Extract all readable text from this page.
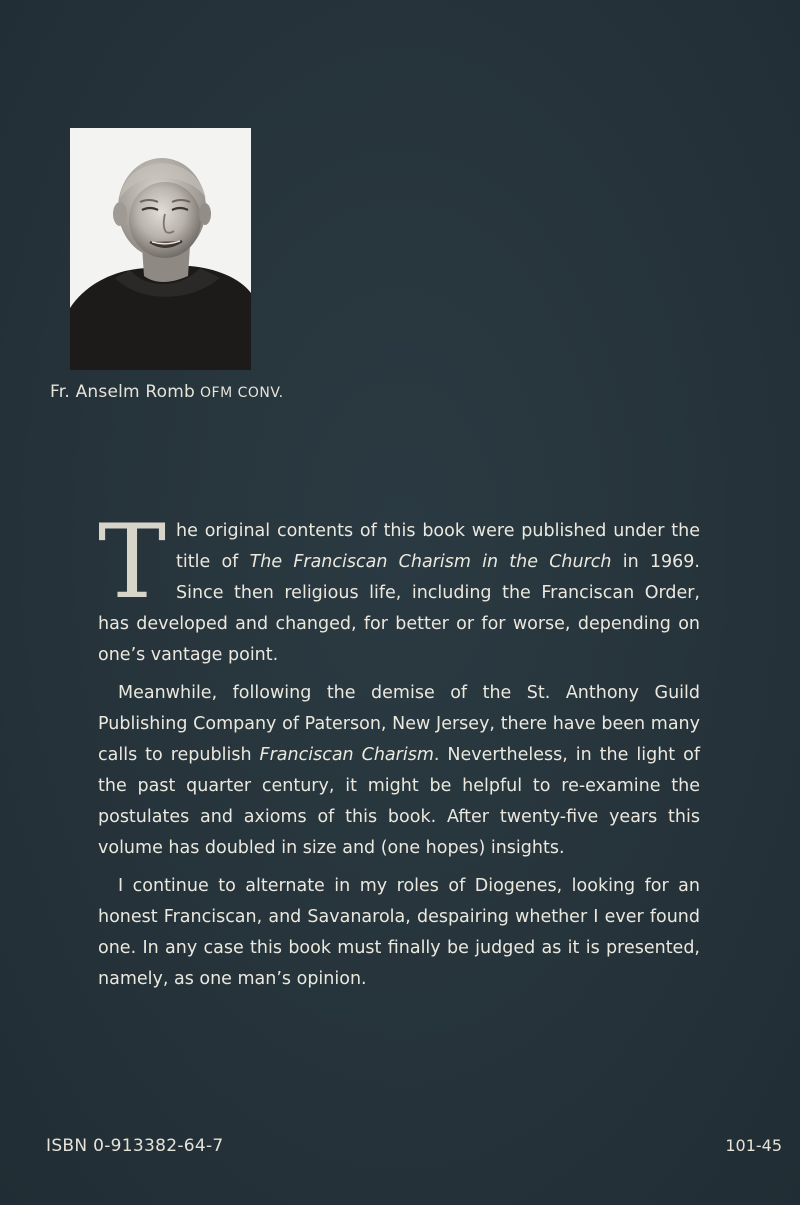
Fr. Anselm Romb OFM CONV.

The original contents of this book were published under the title of The Franciscan Charism in the Church in 1969. Since then religious life, including the Franciscan Order, has developed and changed, for better or for worse, depending on one’s vantage point.

Meanwhile, following the demise of the St. Anthony Guild Publishing Company of Paterson, New Jersey, there have been many calls to republish Franciscan Charism. Nevertheless, in the light of the past quarter century, it might be helpful to re-examine the postulates and axioms of this book. After twenty-five years this volume has doubled in size and (one hopes) insights.

I continue to alternate in my roles of Diogenes, looking for an honest Franciscan, and Savanarola, despairing whether I ever found one. In any case this book must finally be judged as it is presented, namely, as one man’s opinion.

ISBN 0-913382-64-7	101-45
